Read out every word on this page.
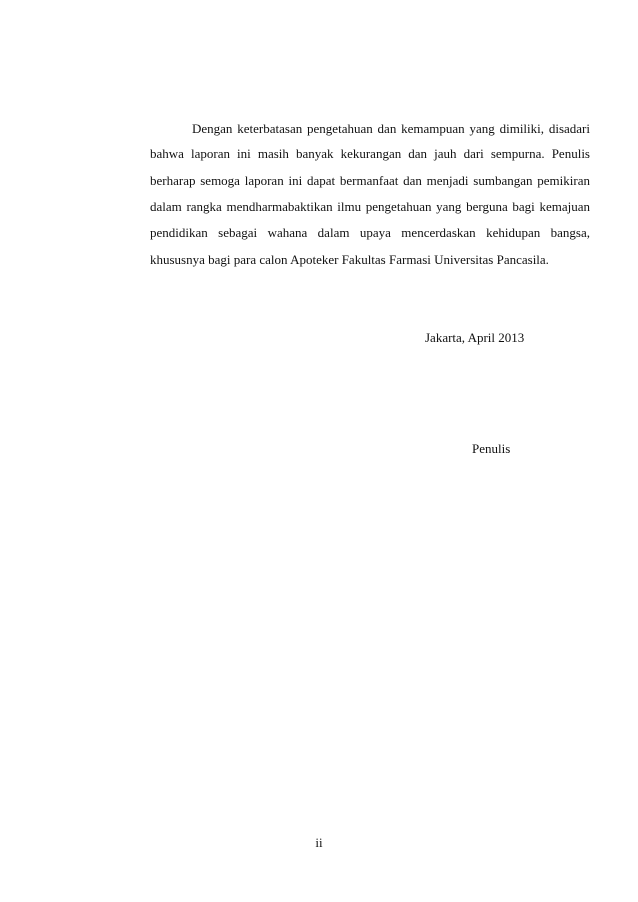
Dengan keterbatasan pengetahuan dan kemampuan yang dimiliki, disadari
bahwa laporan ini masih banyak kekurangan dan jauh dari sempurna. Penulis
berharap semoga laporan ini dapat bermanfaat dan menjadi sumbangan pemikiran
dalam rangka mendharmabaktikan ilmu pengetahuan yang berguna bagi kemajuan
pendidikan sebagai wahana dalam upaya mencerdaskan kehidupan bangsa,
khususnya bagi para calon Apoteker Fakultas Farmasi Universitas Pancasila.
Jakarta, April 2013
Penulis
ii
